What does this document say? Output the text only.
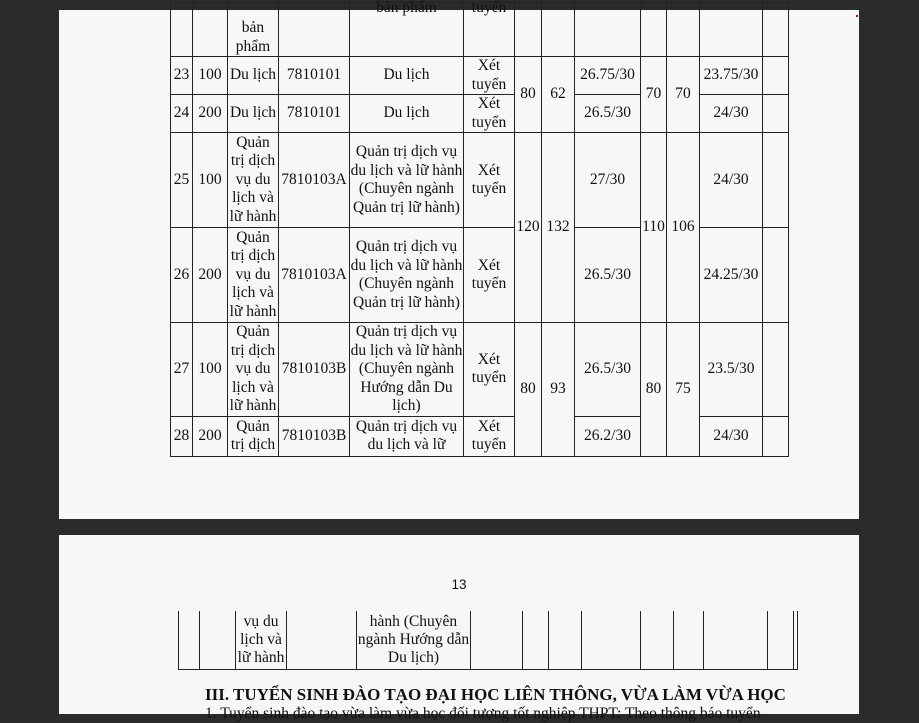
		bản
phẩm		bản phẩm	tuyển								

23	100	Du lịch	7810101	Du lịch	Xét tuyển	80	62	26.75/30	70	70	23.75/30		
24	200	Du lịch	7810101	Du lịch	Xét tuyển			26.5/30			24/30		
25	100	Quản trị dịch vụ du lịch và lữ hành	7810103A	Quản trị dịch vụ du lịch và lữ hành (Chuyên ngành Quản trị lữ hành)	Xét tuyển	120	132	27/30	110	106	24/30		
26	200	Quản trị dịch vụ du lịch và lữ hành	7810103A	Quản trị dịch vụ du lịch và lữ hành (Chuyên ngành Quản trị lữ hành)	Xét tuyển			26.5/30			24.25/30		
27	100	Quản trị dịch vụ du lịch và lữ hành	7810103B	Quản trị dịch vụ du lịch và lữ hành (Chuyên ngành Hướng dẫn Du lịch)	Xét tuyển	80	93	26.5/30	80	75	23.5/30		
28	200	Quản trị dịch	7810103B	Quản trị dịch vụ du lịch và lữ	Xét tuyển			26.2/30			24/30		
13
		vụ du lịch và lữ hành		hành (Chuyên ngành Hướng dẫn Du lịch)									
III. TUYỂN SINH ĐÀO TẠO ĐẠI HỌC LIÊN THÔNG, VỪA LÀM VỪA HỌC
1. Tuyển sinh đào tạo vừa làm vừa học đối tượng tốt nghiệp THPT: Theo thông báo tuyển
